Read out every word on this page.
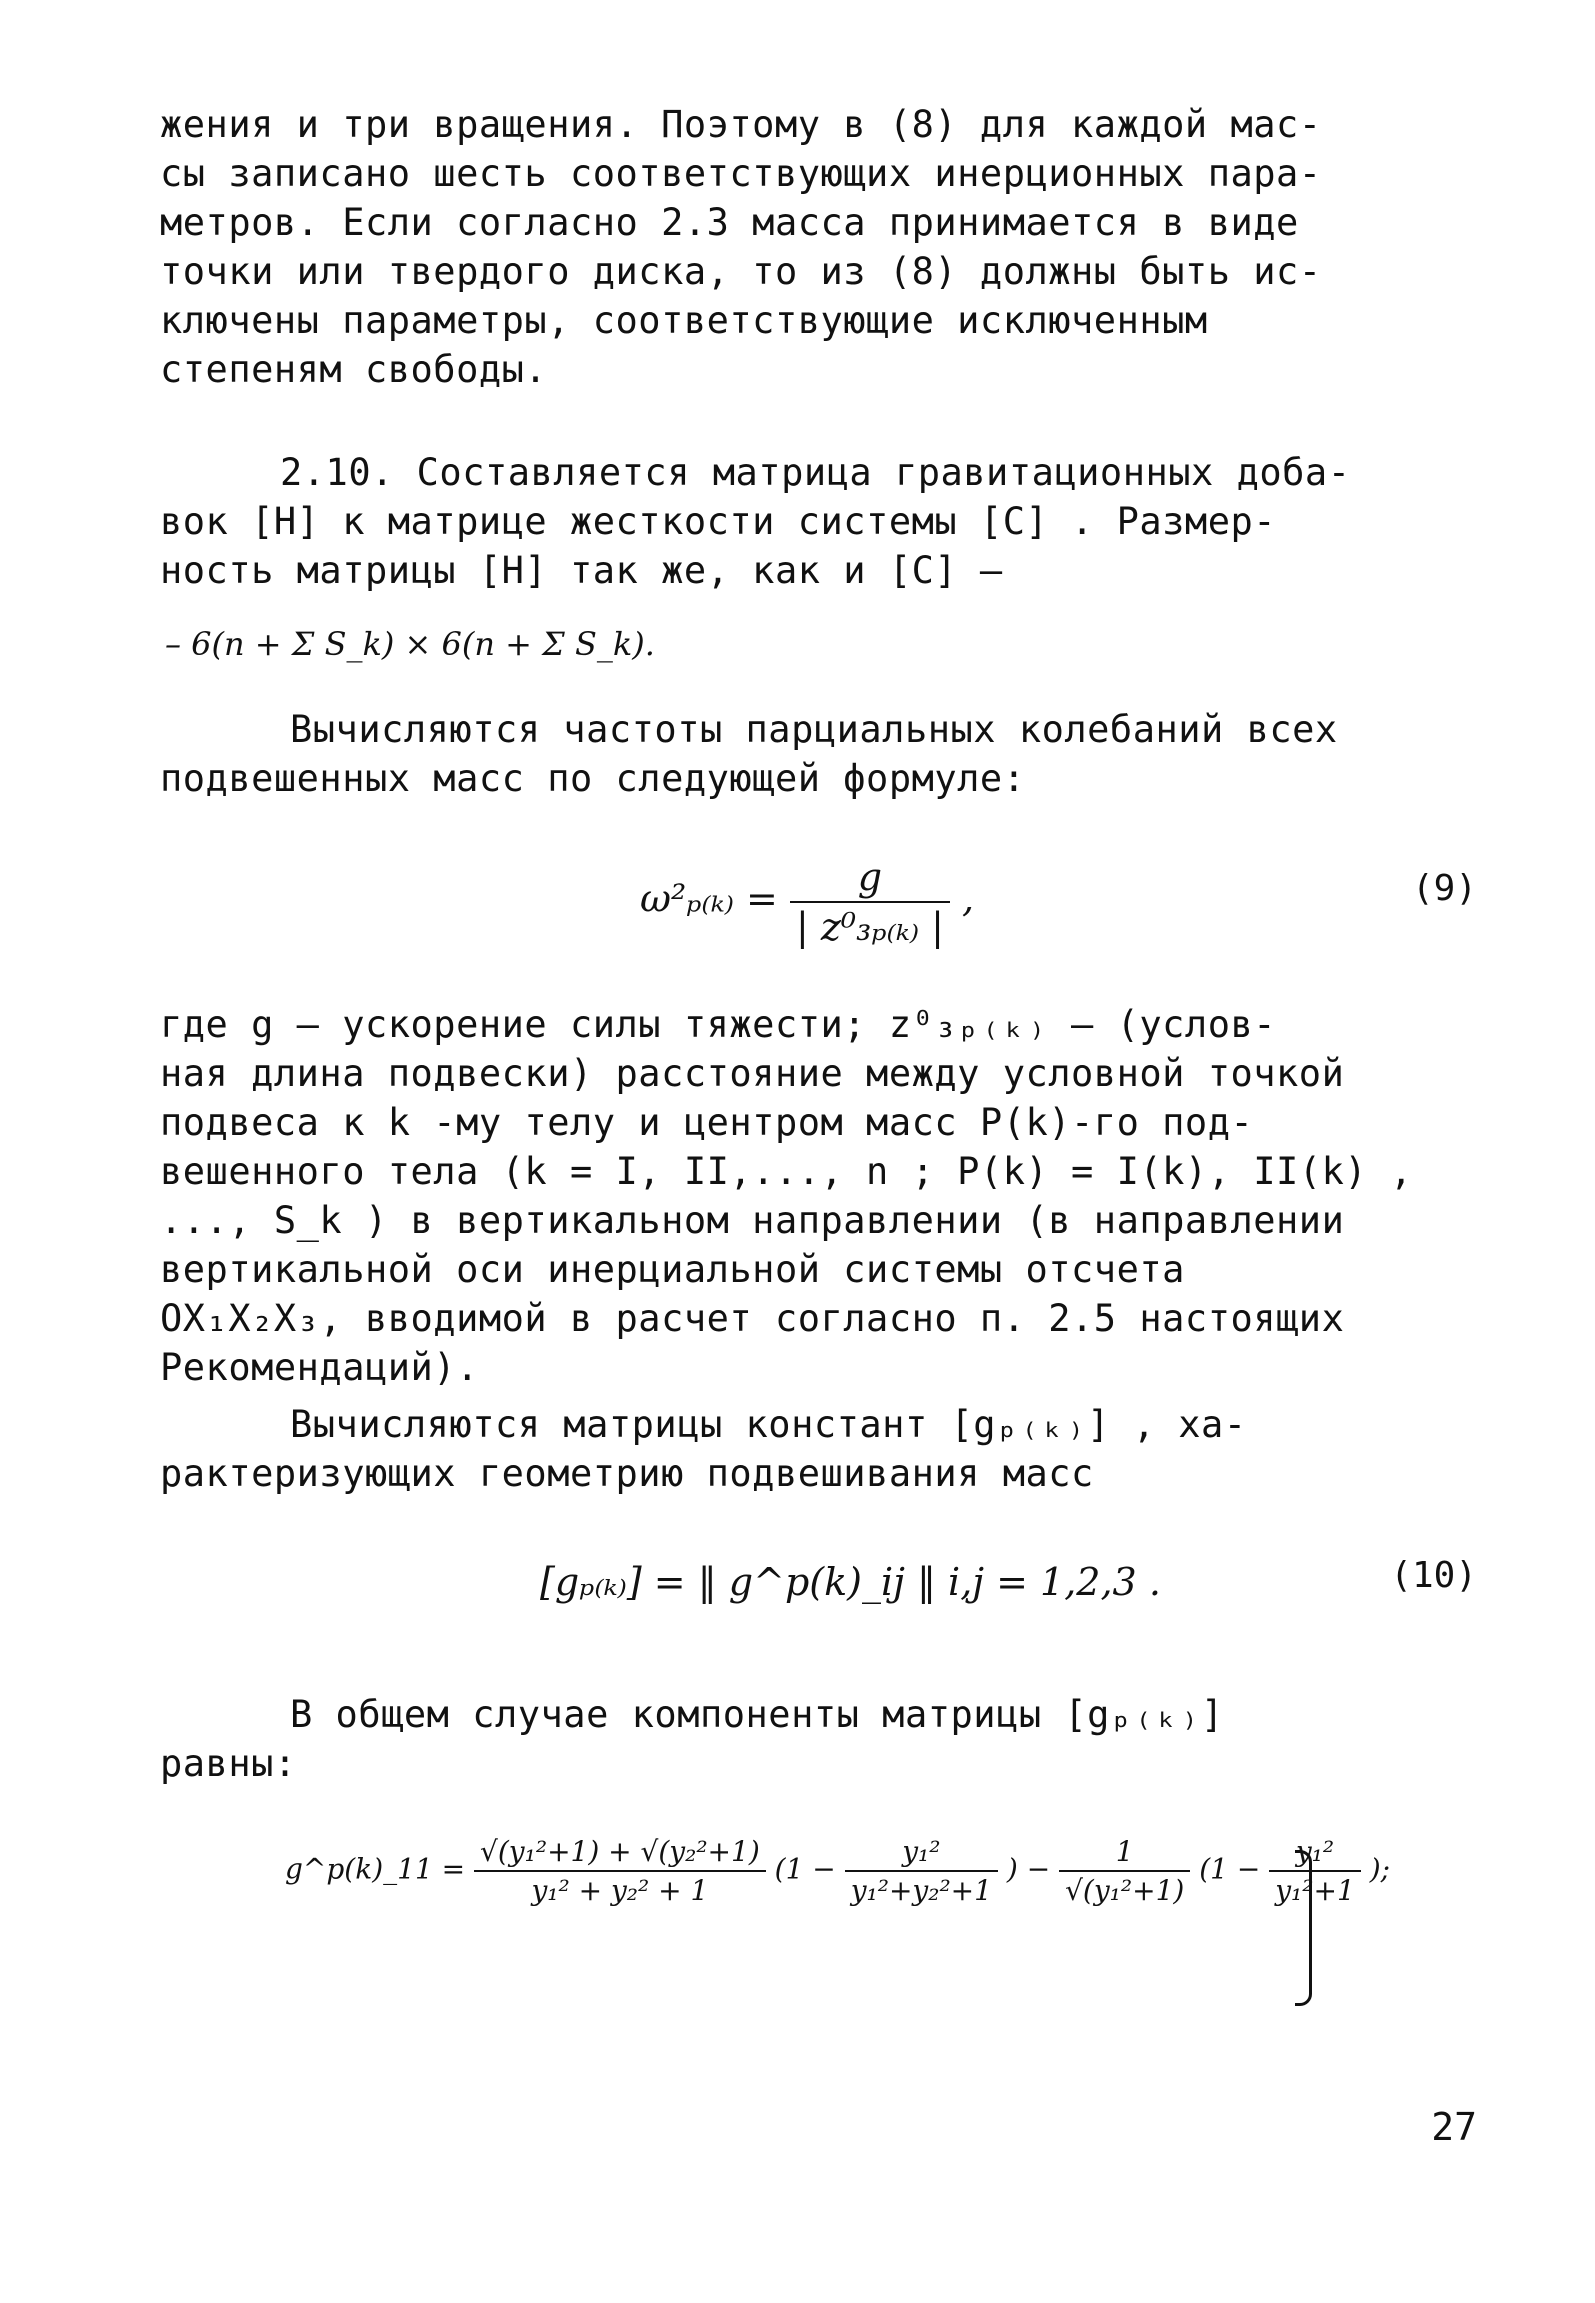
жения и три вращения. Поэтому в (8) для каждой мас-
сы записано шесть соответствующих инерционных пара-
метров. Если согласно 2.3 масса принимается в виде
точки или твердого диска, то из (8) должны быть ис-
ключены параметры, соответствующие исключенным
степеням свободы.
2.10. Составляется матрица гравитационных доба-
вок [H] к матрице жесткости системы [C] . Размер-
ность матрицы [H] так же, как и [C] –
– 6(n + Σ S_k) × 6(n + Σ S_k).
Вычисляются частоты парциальных колебаний всех
подвешенных масс по следующей формуле:
$\omega^2_{p(k)} = \frac{g}{\text{| z⁰₃ₚ₍ₖ₎ |}}$ ,	(9)
где g – ускорение силы тяжести; z⁰₃ₚ₍ₖ₎ – (услов-
ная длина подвески) расстояние между условной точкой
подвеса к k -му телу и центром масс P(k)-го под-
вешенного тела (k = I, II,..., n ; P(k) = I(k), II(k) ,
..., S_k ) в вертикальном направлении (в направлении
вертикальной оси инерциальной системы отсчета
OX₁X₂X₃, вводимой в расчет согласно п. 2.5 настоящих
Рекомендаций).
Вычисляются матрицы констант [gₚ₍ₖ₎] , ха-
рактеризующих геометрию подвешивания масс
[gₚ₍ₖ₎] = ‖ g^p(k)_ij ‖ i,j = 1,2,3 .	(10)
В общем случае компоненты матрицы [gₚ₍ₖ₎]
равны:
g^p(k)_11 = $\frac{\text{√(y₁²+1) + √(y₂²+1)}}{\text{y₁² + y₂² + 1}} (1 - \frac{\text{y₁²}}{\text{y₁²+y₂²+1}}$ ) − $\frac{1}{\text{√(y₁²+1)}} (1 - \frac{\text{y₁²}}{\text{y₁²+1}}$ );
27
